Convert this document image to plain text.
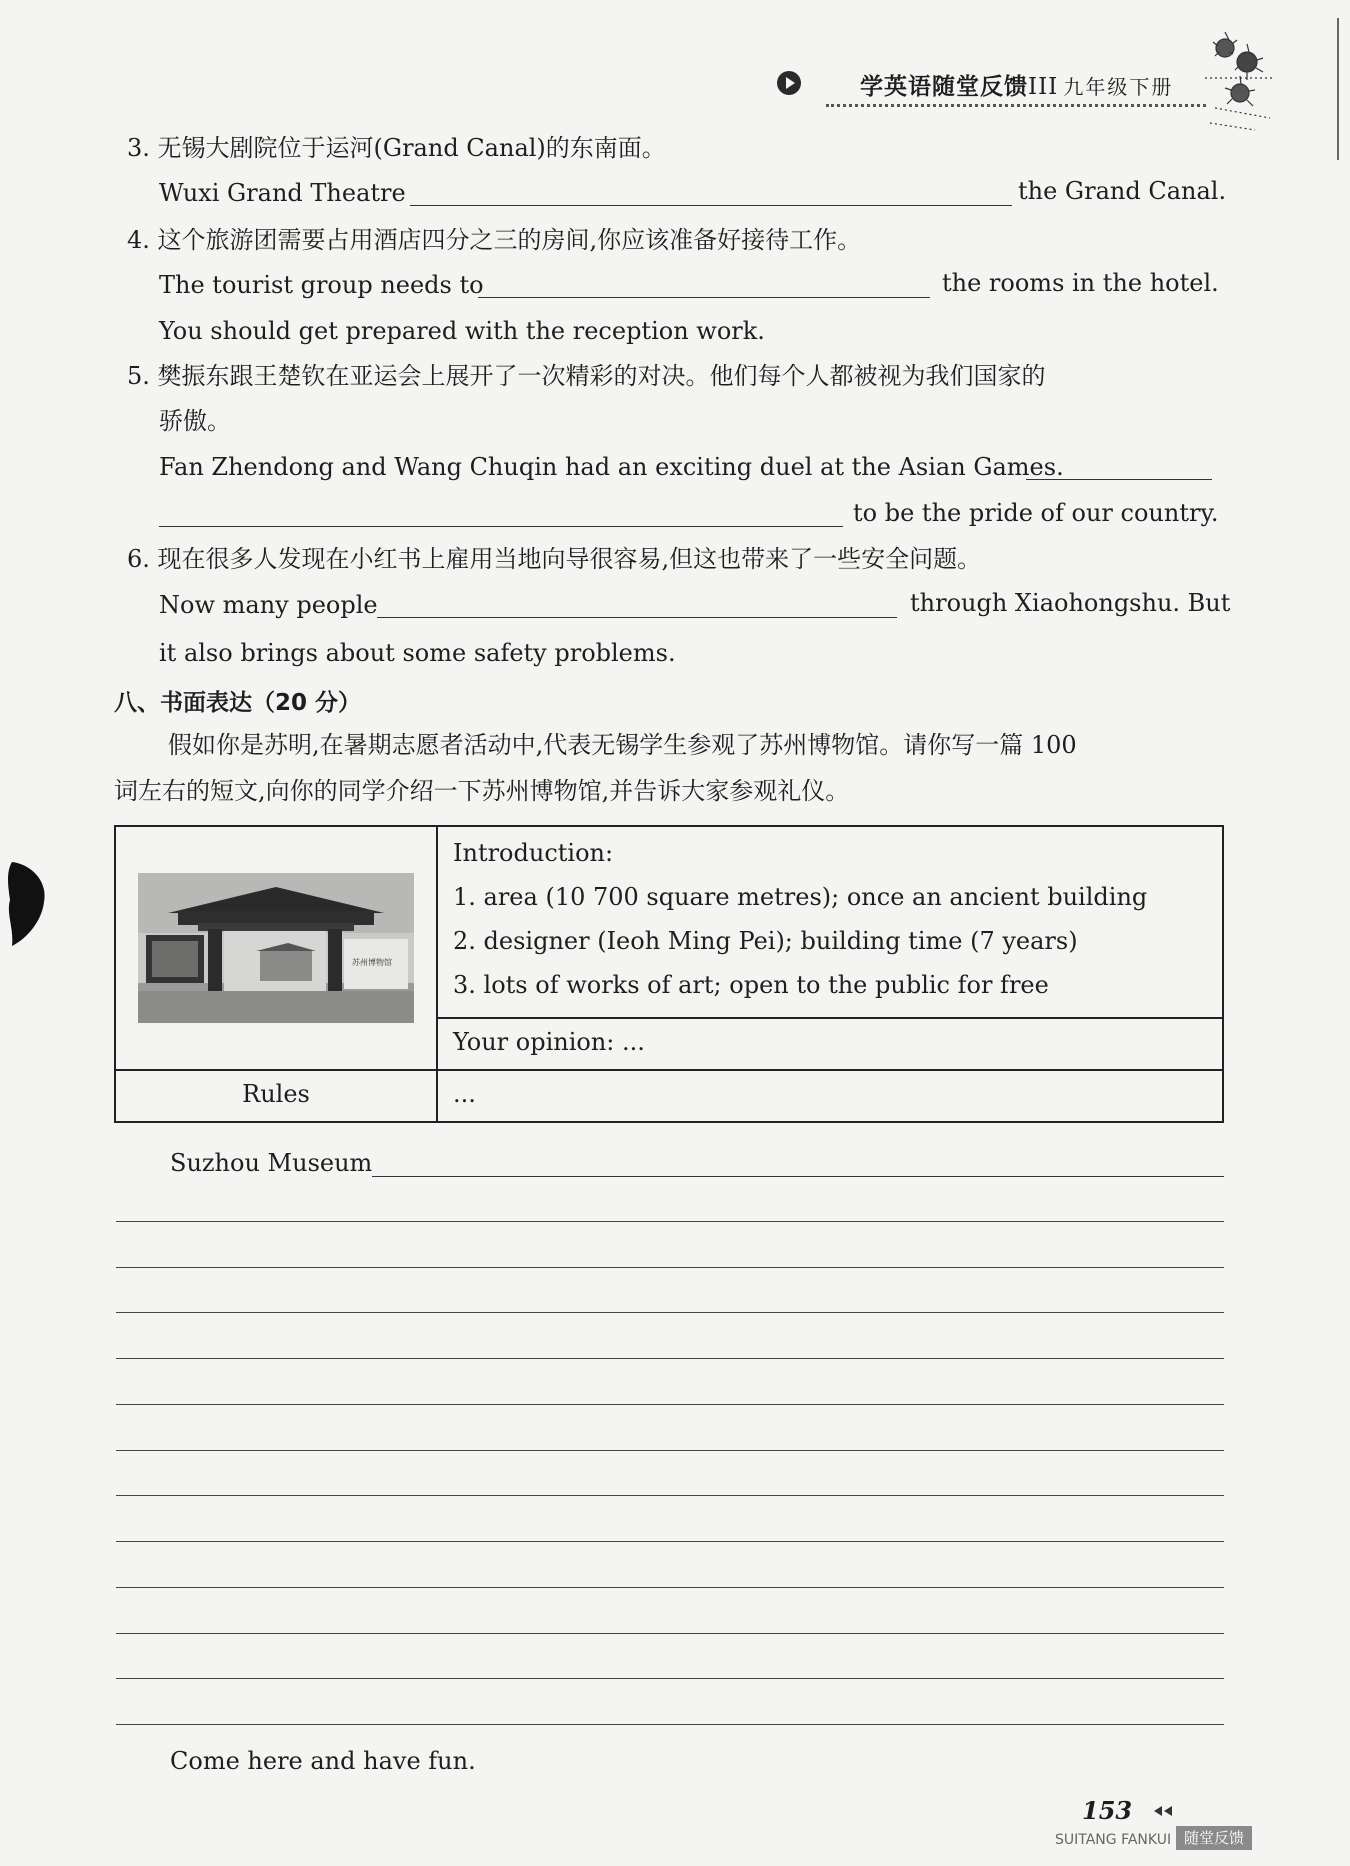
学英语随堂反馈III 九年级下册
3. 无锡大剧院位于运河(Grand Canal)的东南面。
Wuxi Grand Theatre	the Grand Canal.
4. 这个旅游团需要占用酒店四分之三的房间,你应该准备好接待工作。
The tourist group needs to	the rooms in the hotel.
You should get prepared with the reception work.
5. 樊振东跟王楚钦在亚运会上展开了一次精彩的对决。他们每个人都被视为我们国家的
骄傲。
Fan Zhendong and Wang Chuqin had an exciting duel at the Asian Games.
to be the pride of our country.
6. 现在很多人发现在小红书上雇用当地向导很容易,但这也带来了一些安全问题。
Now many people	through Xiaohongshu. But
it also brings about some safety problems.
八、书面表达（20 分）
假如你是苏明,在暑期志愿者活动中,代表无锡学生参观了苏州博物馆。请你写一篇 100
词左右的短文,向你的同学介绍一下苏州博物馆,并告诉大家参观礼仪。
苏州博物馆	Introduction:
1. area (10 700 square metres); once an ancient building
2. designer (Ieoh Ming Pei); building time (7 years)
3. lots of works of art; open to the public for free

	Your opinion: ...

Rules	...
Suzhou Museum
Come here and have fun.
153
SUITANG FANKUI 随堂反馈
